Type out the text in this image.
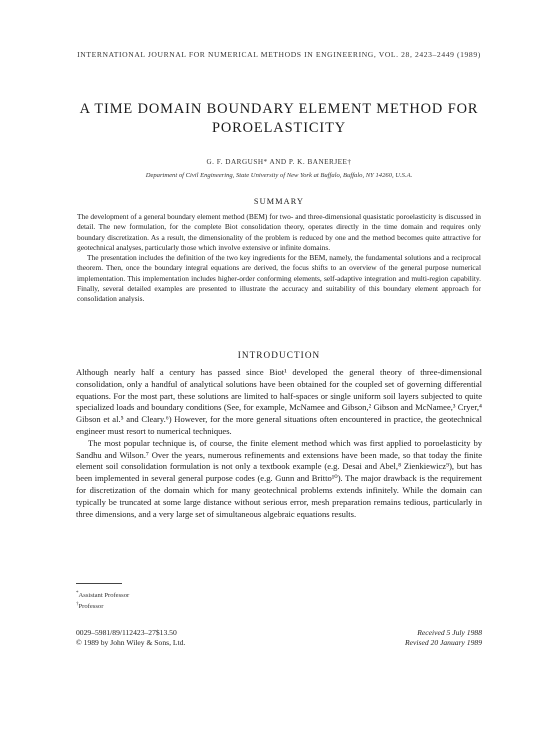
INTERNATIONAL JOURNAL FOR NUMERICAL METHODS IN ENGINEERING, VOL. 28, 2423–2449 (1989)
A TIME DOMAIN BOUNDARY ELEMENT METHOD FOR
POROELASTICITY
G. F. DARGUSH* AND P. K. BANERJEE†
Department of Civil Engineering, State University of New York at Buffalo, Buffalo, NY 14260, U.S.A.
SUMMARY

The development of a general boundary element method (BEM) for two- and three-dimensional quasistatic poroelasticity is discussed in detail. The new formulation, for the complete Biot consolidation theory, operates directly in the time domain and requires only boundary discretization. As a result, the dimensionality of the problem is reduced by one and the method becomes quite attractive for geotechnical analyses, particularly those which involve extensive or infinite domains.

The presentation includes the definition of the two key ingredients for the BEM, namely, the fundamental solutions and a reciprocal theorem. Then, once the boundary integral equations are derived, the focus shifts to an overview of the general purpose numerical implementation. This implementation includes higher-order conforming elements, self-adaptive integration and multi-region capability. Finally, several detailed examples are presented to illustrate the accuracy and suitability of this boundary element approach for consolidation analysis.

INTRODUCTION

Although nearly half a century has passed since Biot¹ developed the general theory of three-dimensional consolidation, only a handful of analytical solutions have been obtained for the coupled set of governing differential equations. For the most part, these solutions are limited to half-spaces or single uniform soil layers subjected to quite specialized loads and boundary conditions (See, for example, McNamee and Gibson,² Gibson and McNamee,³ Cryer,⁴ Gibson et al.⁵ and Cleary.⁶) However, for the more general situations often encountered in practice, the geotechnical engineer must resort to numerical techniques.

The most popular technique is, of course, the finite element method which was first applied to poroelasticity by Sandhu and Wilson.⁷ Over the years, numerous refinements and extensions have been made, so that today the finite element soil consolidation formulation is not only a textbook example (e.g. Desai and Abel,⁸ Zienkiewicz⁹), but has been implemented in several general purpose codes (e.g. Gunn and Britto¹⁰). The major drawback is the requirement for discretization of the domain which for many geotechnical problems extends infinitely. While the domain can typically be truncated at some large distance without serious error, mesh preparation remains tedious, particularly in three dimensions, and a very large set of simultaneous algebraic equations results.

*Assistant Professor
†Professor
0029–5981/89/112423–27$13.50
© 1989 by John Wiley & Sons, Ltd.
Received 5 July 1988
Revised 20 January 1989
